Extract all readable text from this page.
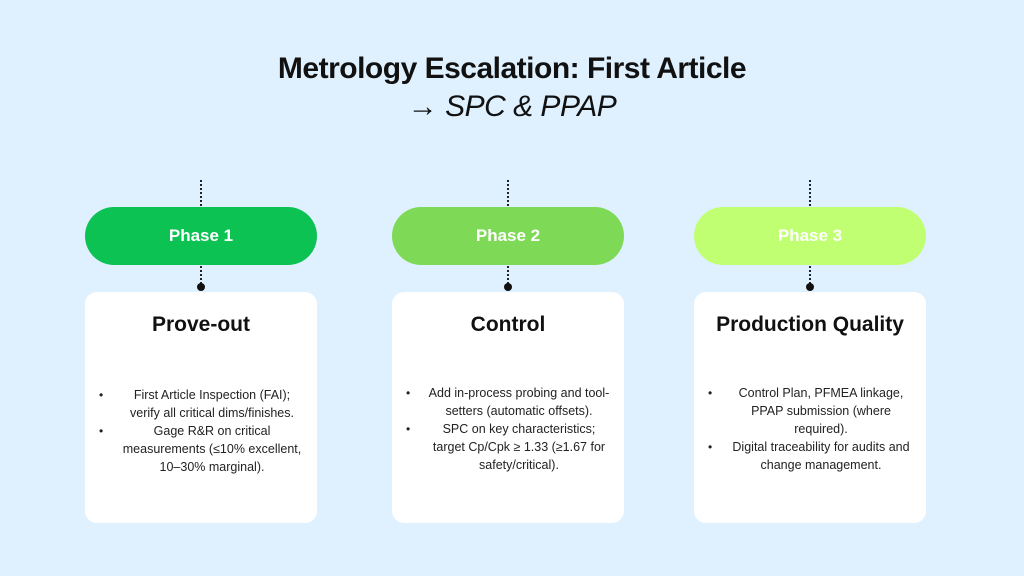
Metrology Escalation: First Article
→ SPC & PPAP
Phase 1
Prove-out
• First Article Inspection (FAI); verify all critical dims/finishes.
•	Gage R&R on critical measurements (≤10% excellent, 10–30% marginal).
Phase 2
Control
• Add in-process probing and tool-setters (automatic offsets).
•	SPC on key characteristics; target Cp/Cpk ≥ 1.33 (≥1.67 for safety/critical).
Phase 3
Production Quality
• Control Plan, PFMEA linkage, PPAP submission (where required).
• Digital traceability for audits and change management.
